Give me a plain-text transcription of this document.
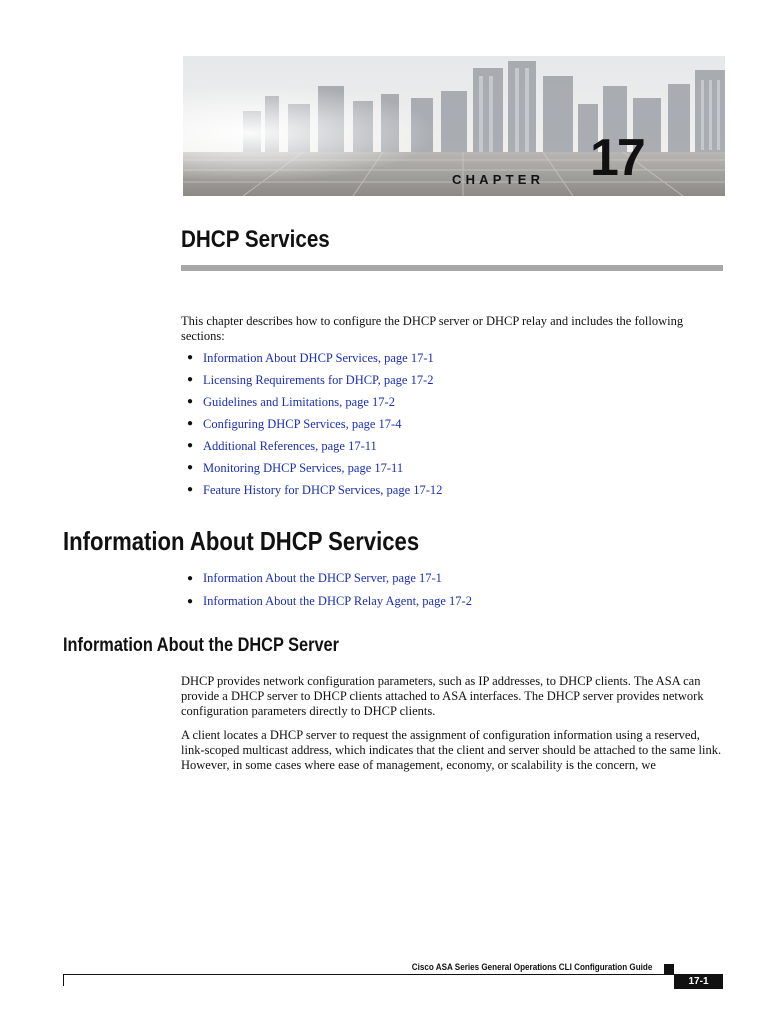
CHAPTER 17
DHCP Services

This chapter describes how to configure the DHCP server or DHCP relay and includes the following sections:

● Information About DHCP Services, page 17-1
● Licensing Requirements for DHCP, page 17-2
● Guidelines and Limitations, page 17-2
● Configuring DHCP Services, page 17-4
● Additional References, page 17-11
● Monitoring DHCP Services, page 17-11
● Feature History for DHCP Services, page 17-12
Information About DHCP Services
● Information About the DHCP Server, page 17-1
● Information About the DHCP Relay Agent, page 17-2
Information About the DHCP Server

DHCP provides network configuration parameters, such as IP addresses, to DHCP clients. The ASA can provide a DHCP server to DHCP clients attached to ASA interfaces. The DHCP server provides network configuration parameters directly to DHCP clients.

A client locates a DHCP server to request the assignment of configuration information using a reserved, link-scoped multicast address, which indicates that the client and server should be attached to the same link. However, in some cases where ease of management, economy, or scalability is the concern, we

Cisco ASA Series General Operations CLI Configuration Guide
17-1
